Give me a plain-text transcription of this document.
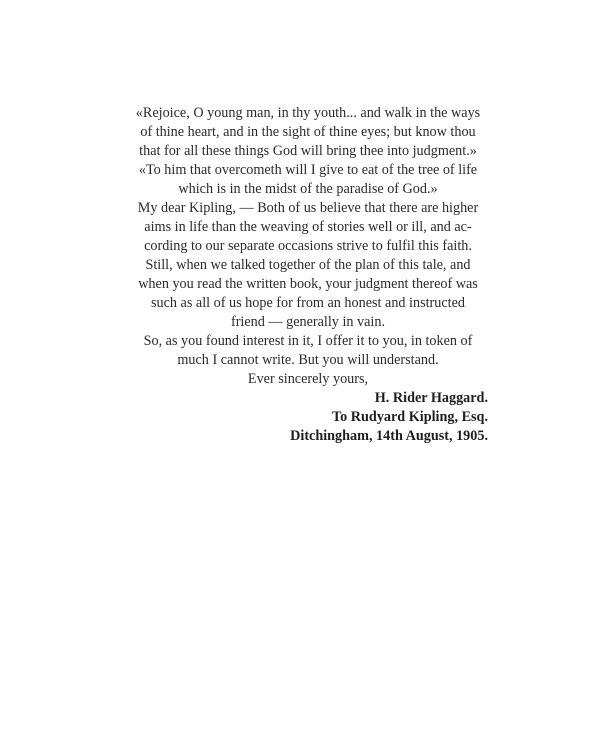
«Rejoice, O young man, in thy youth... and walk in the ways
of thine heart, and in the sight of thine eyes; but know thou
that for all these things God will bring thee into judgment.»
«To him that overcometh will I give to eat of the tree of life
which is in the midst of the paradise of God.»
My dear Kipling, — Both of us believe that there are higher
aims in life than the weaving of stories well or ill, and ac-
cording to our separate occasions strive to fulfil this faith.
Still, when we talked together of the plan of this tale, and
when you read the written book, your judgment thereof was
such as all of us hope for from an honest and instructed
friend — generally in vain.
So, as you found interest in it, I offer it to you, in token of
much I cannot write. But you will understand.
Ever sincerely yours,
H. Rider Haggard.
To Rudyard Kipling, Esq.
Ditchingham, 14th August, 1905.
